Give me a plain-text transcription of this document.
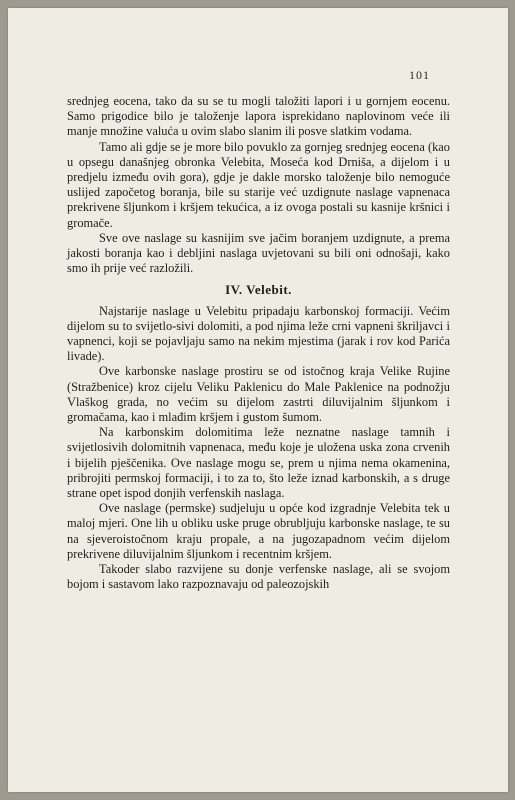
101

srednjeg eocena, tako da su se tu mogli taložiti lapori i u gornjem eocenu. Samo prigodice bilo je taloženje lapora isprekidano naplovinom veće ili manje množine valuća u ovim slabo slanim ili posve slatkim vodama.

Tamo ali gdje se je more bilo povuklo za gornjeg srednjeg eocena (kao u opsegu današnjeg obronka Velebita, Moseća kod Drniša, a dijelom i u predjelu između ovih gora), gdje je dakle morsko taloženje bilo nemoguće uslijed započetog boranja, bile su starije već uzdignute naslage vapnenaca prekrivene šljunkom i kršjem tekućica, a iz ovoga postali su kasnije kršnici i gromače.

Sve ove naslage su kasnijim sve jačim boranjem uzdignute, a prema jakosti boranja kao i debljini naslaga uvjetovani su bili oni odnošaji, kako smo ih prije već razložili.

IV. Velebit.

Najstarije naslage u Velebitu pripadaju karbonskoj formaciji. Većim dijelom su to svijetlo-sivi dolomiti, a pod njima leže crni vapneni škriljavci i vapnenci, koji se pojavljaju samo na nekim mjestima (jarak i rov kod Parića livade).

Ove karbonske naslage prostiru se od istočnog kraja Velike Rujine (Stražbenice) kroz cijelu Veliku Paklenicu do Male Paklenice na podnožju Vlaškog grada, no većim su dijelom zastrti diluvijalnim šljunkom i gromačama, kao i mlađim kršjem i gustom šumom.

Na karbonskim dolomitima leže neznatne naslage tamnih i svijetlosivih dolomitnih vapnenaca, među koje je uložena uska zona crvenih i bijelih pješčenika. Ove naslage mogu se, prem u njima nema okamenina, pribrojiti permskoj formaciji, i to za to, što leže iznad karbonskih, a s druge strane opet ispod donjih verfenskih naslaga.

Ove naslage (permske) sudjeluju u opće kod izgradnje Velebita tek u maloj mjeri. One lih u obliku uske pruge obrubljuju karbonske naslage, te su na sjeveroistočnom kraju propale, a na jugozapadnom većim dijelom prekrivene diluvijalnim šljunkom i recentnim kršjem.

Takoder slabo razvijene su donje verfenske naslage, ali se svojom bojom i sastavom lako razpoznavaju od paleozojskih
